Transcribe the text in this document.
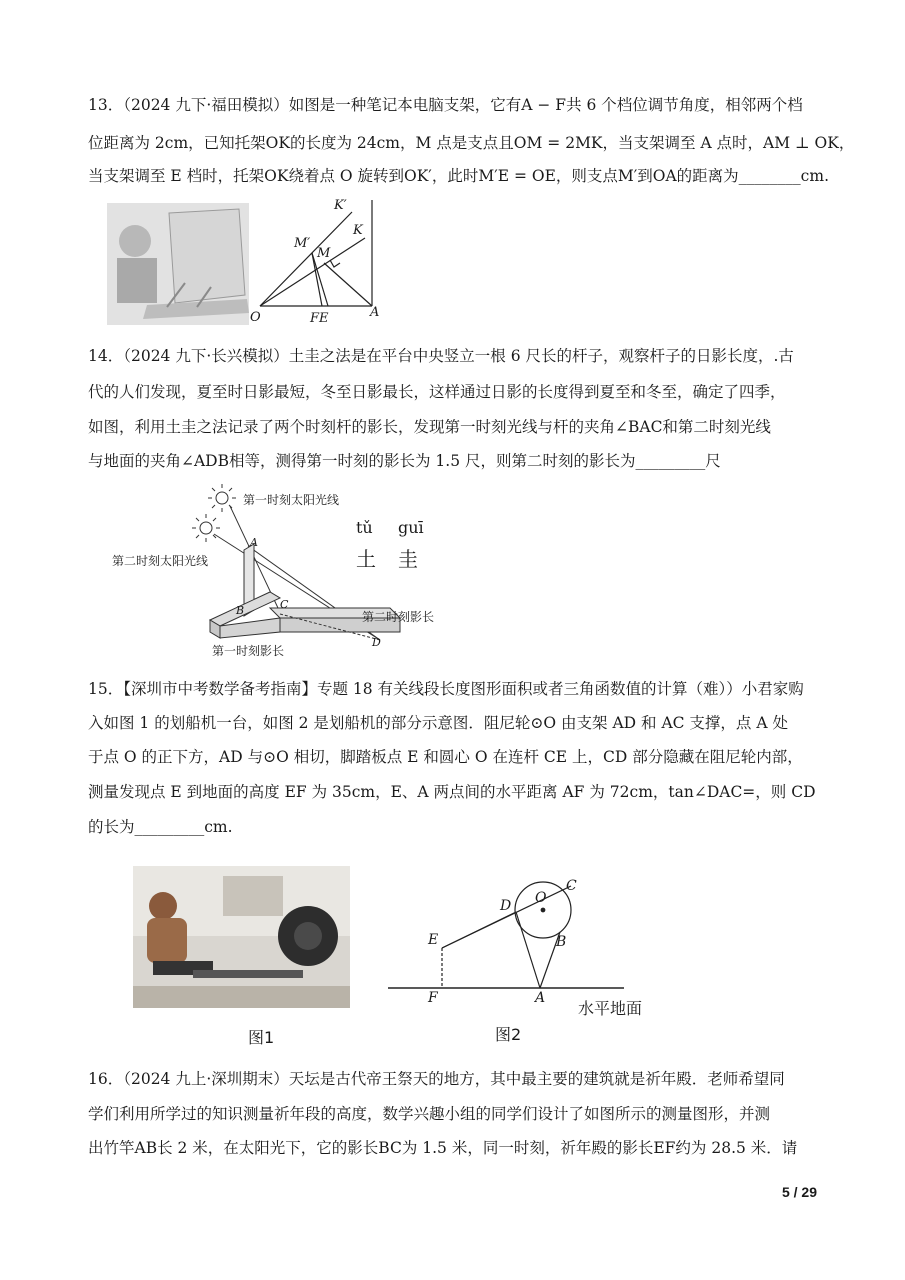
13．（2024 九下·福田模拟）如图是一种笔记本电脑支架，它有A − F共 6 个档位调节角度，相邻两个档
位距离为 2cm，已知托架OK的长度为 24cm，M 点是支点且OM = 2MK，当支架调至 A 点时，AM ⊥ OK，
当支架调至 E 档时，托架OK绕着点 O 旋转到OK′，此时M′E = OE，则支点M′到OA的距离为________cm.
K′
K
M′
M
O	FE	A
14．（2024 九下·长兴模拟）土圭之法是在平台中央竖立一根 6 尺长的杆子，观察杆子的日影长度，.古
代的人们发现，夏至时日影最短，冬至日影最长，这样通过日影的长度得到夏至和冬至，确定了四季，
如图，利用土圭之法记录了两个时刻杆的影长，发现第一时刻光线与杆的夹角∠BAC和第二时刻光线
与地面的夹角∠ADB相等，测得第一时刻的影长为 1.5 尺，则第二时刻的影长为_________尺
第一时刻太阳光线
第二时刻太阳光线
tǔ guī
土 圭
第二时刻影长
第一时刻影长
A
B	C
D
15．【深圳市中考数学备考指南】专题 18 有关线段长度图形面积或者三角函数值的计算（难））小君家购
入如图 1 的划船机一台，如图 2 是划船机的部分示意图．阻尼轮⊙O 由支架 AD 和 AC 支撑，点 A 处
于点 O 的正下方，AD 与⊙O 相切，脚踏板点 E 和圆心 O 在连杆 CE 上，CD 部分隐藏在阻尼轮内部，
测量发现点 E 到地面的高度 EF 为 35cm，E、A 两点间的水平距离 AF 为 72cm，tan∠DAC=，则 CD
的长为_________cm.
图1
O
C
D
E	B
F	A
水平地面
图2
16．（2024 九上·深圳期末）天坛是古代帝王祭天的地方，其中最主要的建筑就是祈年殿．老师希望同
学们利用所学过的知识测量祈年段的高度，数学兴趣小组的同学们设计了如图所示的测量图形，并测
出竹竿AB长 2 米，在太阳光下，它的影长BC为 1.5 米，同一时刻，祈年殿的影长EF约为 28.5 米．请
5 / 29
